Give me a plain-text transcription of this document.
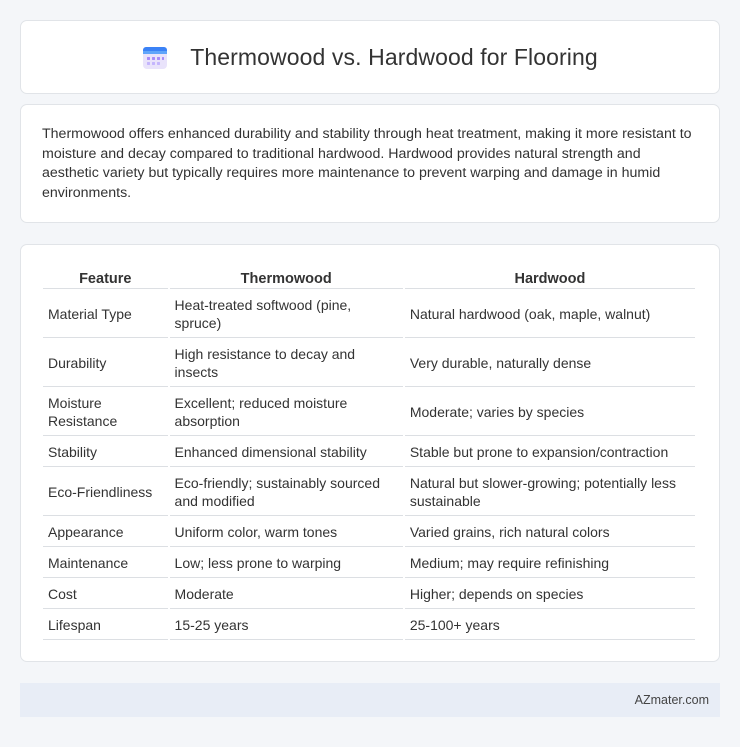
Thermowood vs. Hardwood for Flooring

Thermowood offers enhanced durability and stability through heat treatment, making it more resistant to moisture and decay compared to traditional hardwood. Hardwood provides natural strength and aesthetic variety but typically requires more maintenance to prevent warping and damage in humid environments.

Feature	Thermowood	Hardwood
Material Type	Heat-treated softwood (pine, spruce)	Natural hardwood (oak, maple, walnut)
Durability	High resistance to decay and insects	Very durable, naturally dense
Moisture Resistance	Excellent; reduced moisture absorption	Moderate; varies by species
Stability	Enhanced dimensional stability	Stable but prone to expansion/contraction
Eco-Friendliness	Eco-friendly; sustainably sourced and modified	Natural but slower-growing; potentially less sustainable
Appearance	Uniform color, warm tones	Varied grains, rich natural colors
Maintenance	Low; less prone to warping	Medium; may require refinishing
Cost	Moderate	Higher; depends on species
Lifespan	15-25 years	25-100+ years
AZmater.com
